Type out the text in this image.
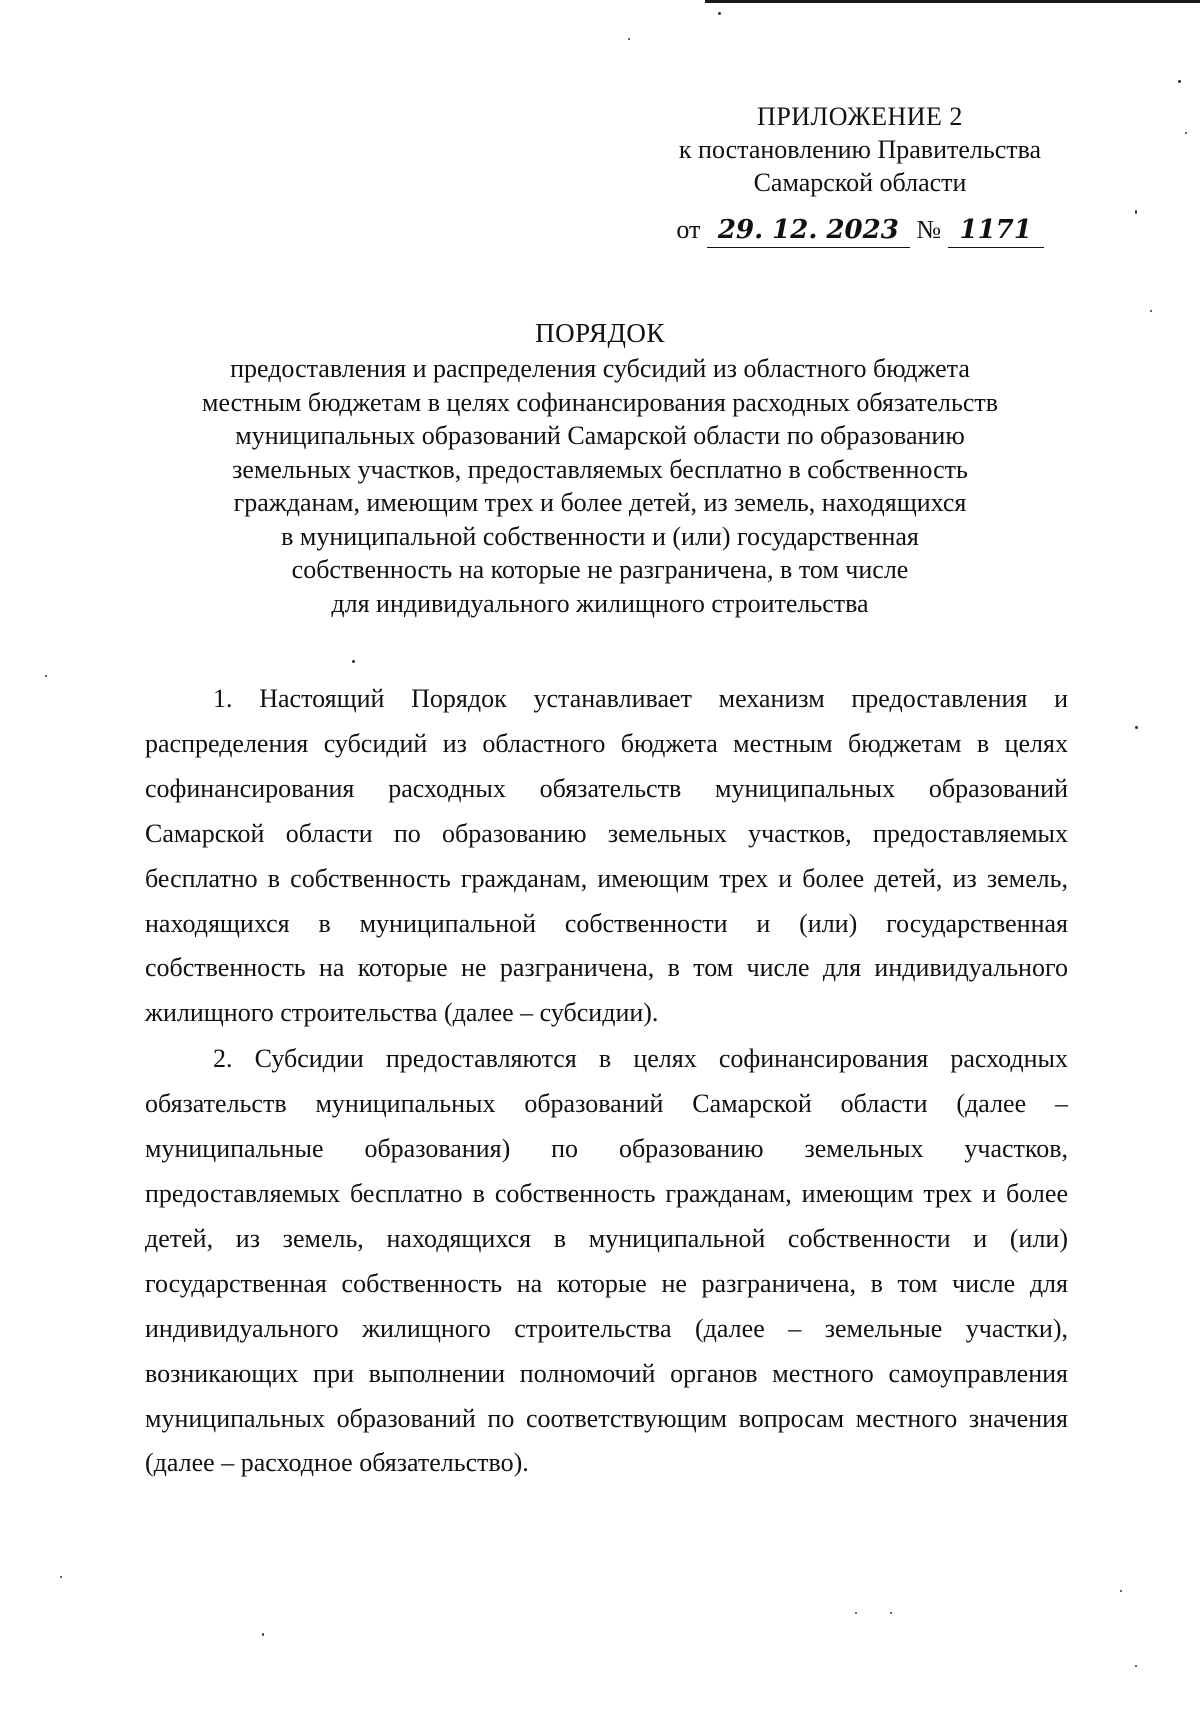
ПРИЛОЖЕНИЕ 2
к постановлению Правительства
Самарской области
от 29. 12. 2023 № 1171
ПОРЯДОК
предоставления и распределения субсидий из областного бюджета
местным бюджетам в целях софинансирования расходных обязательств
муниципальных образований Самарской области по образованию
земельных участков, предоставляемых бесплатно в собственность
гражданам, имеющим трех и более детей, из земель, находящихся
в муниципальной собственности и (или) государственная
собственность на которые не разграничена, в том числе
для индивидуального жилищного строительства

1. Настоящий Порядок устанавливает механизм предоставления и распределения субсидий из областного бюджета местным бюджетам в целях софинансирования расходных обязательств муниципальных образований Самарской области по образованию земельных участков, предоставляемых бесплатно в собственность гражданам, имеющим трех и более детей, из земель, находящихся в муниципальной собственности и (или) государственная собственность на которые не разграничена, в том числе для индивидуального жилищного строительства (далее – субсидии).

2. Субсидии предоставляются в целях софинансирования расходных обязательств муниципальных образований Самарской области (далее – муниципальные образования) по образованию земельных участков, предоставляемых бесплатно в собственность гражданам, имеющим трех и более детей, из земель, находящихся в муниципальной собственности и (или) государственная собственность на которые не разграничена, в том числе для индивидуального жилищного строительства (далее – земельные участки), возникающих при выполнении полномочий органов местного самоуправления муниципальных образований по соответствующим вопросам местного значения (далее – расходное обязательство).
